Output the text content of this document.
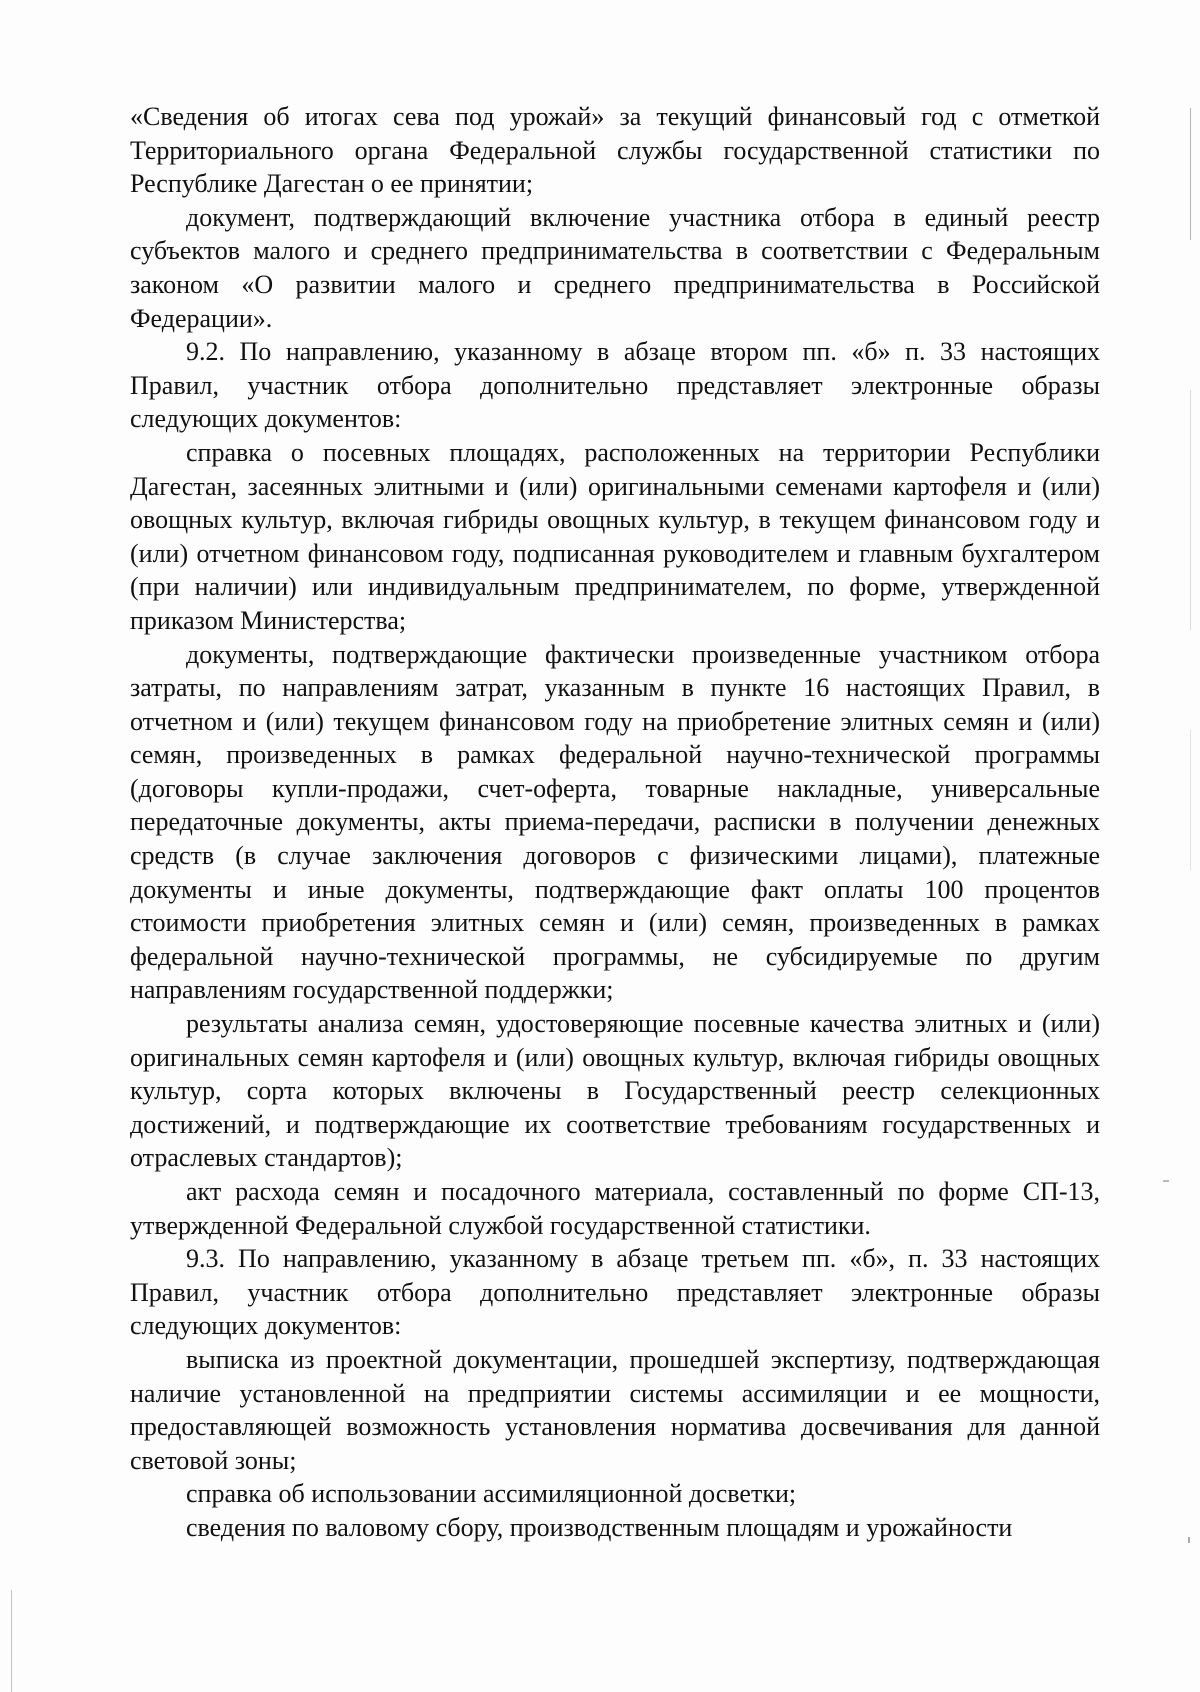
«Сведения об итогах сева под урожай» за текущий финансовый год с отметкой Территориального органа Федеральной службы государственной статистики по Республике Дагестан о ее принятии;

документ, подтверждающий включение участника отбора в единый реестр субъектов малого и среднего предпринимательства в соответствии с Федеральным законом «О развитии малого и среднего предпринимательства в Российской Федерации».

9.2. По направлению, указанному в абзаце втором пп. «б» п. 33 настоящих Правил, участник отбора дополнительно представляет электронные образы следующих документов:

справка о посевных площадях, расположенных на территории Республики Дагестан, засеянных элитными и (или) оригинальными семенами картофеля и (или) овощных культур, включая гибриды овощных культур, в текущем финансовом году и (или) отчетном финансовом году, подписанная руководителем и главным бухгалтером (при наличии) или индивидуальным предпринимателем, по форме, утвержденной приказом Министерства;

документы, подтверждающие фактически произведенные участником отбора затраты, по направлениям затрат, указанным в пункте 16 настоящих Правил, в отчетном и (или) текущем финансовом году на приобретение элитных семян и (или) семян, произведенных в рамках федеральной научно-технической программы (договоры купли-продажи, счет-оферта, товарные накладные, универсальные передаточные документы, акты приема-передачи, расписки в получении денежных средств (в случае заключения договоров с физическими лицами), платежные документы и иные документы, подтверждающие факт оплаты 100 процентов стоимости приобретения элитных семян и (или) семян, произведенных в рамках федеральной научно-технической программы, не субсидируемые по другим направлениям государственной поддержки;

результаты анализа семян, удостоверяющие посевные качества элитных и (или) оригинальных семян картофеля и (или) овощных культур, включая гибриды овощных культур, сорта которых включены в Государственный реестр селекционных достижений, и подтверждающие их соответствие требованиям государственных и отраслевых стандартов);

акт расхода семян и посадочного материала, составленный по форме СП-13, утвержденной Федеральной службой государственной статистики.

9.3. По направлению, указанному в абзаце третьем пп. «б», п. 33 настоящих Правил, участник отбора дополнительно представляет электронные образы следующих документов:

выписка из проектной документации, прошедшей экспертизу, подтверждающая наличие установленной на предприятии системы ассимиляции и ее мощности, предоставляющей возможность установления норматива досвечивания для данной световой зоны;

справка об использовании ассимиляционной досветки;

сведения по валовому сбору, производственным площадям и урожайности
